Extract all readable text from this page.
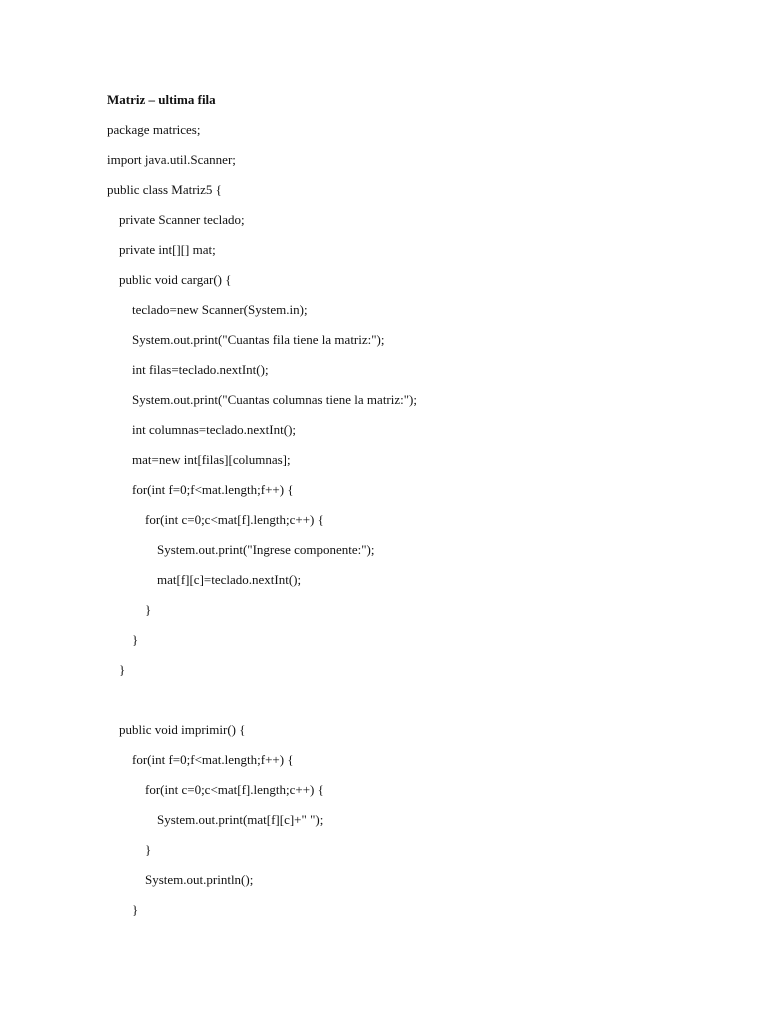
Matriz – ultima fila

package matrices;

import java.util.Scanner;

public class Matriz5 {

private Scanner teclado;

private int[][] mat;

public void cargar() {

teclado=new Scanner(System.in);

System.out.print("Cuantas fila tiene la matriz:");

int filas=teclado.nextInt();

System.out.print("Cuantas columnas tiene la matriz:");

int columnas=teclado.nextInt();

mat=new int[filas][columnas];

for(int f=0;f<mat.length;f++) {

for(int c=0;c<mat[f].length;c++) {

System.out.print("Ingrese componente:");

mat[f][c]=teclado.nextInt();

}

}

}

public void imprimir() {

for(int f=0;f<mat.length;f++) {

for(int c=0;c<mat[f].length;c++) {

System.out.print(mat[f][c]+" ");

}

System.out.println();

}
